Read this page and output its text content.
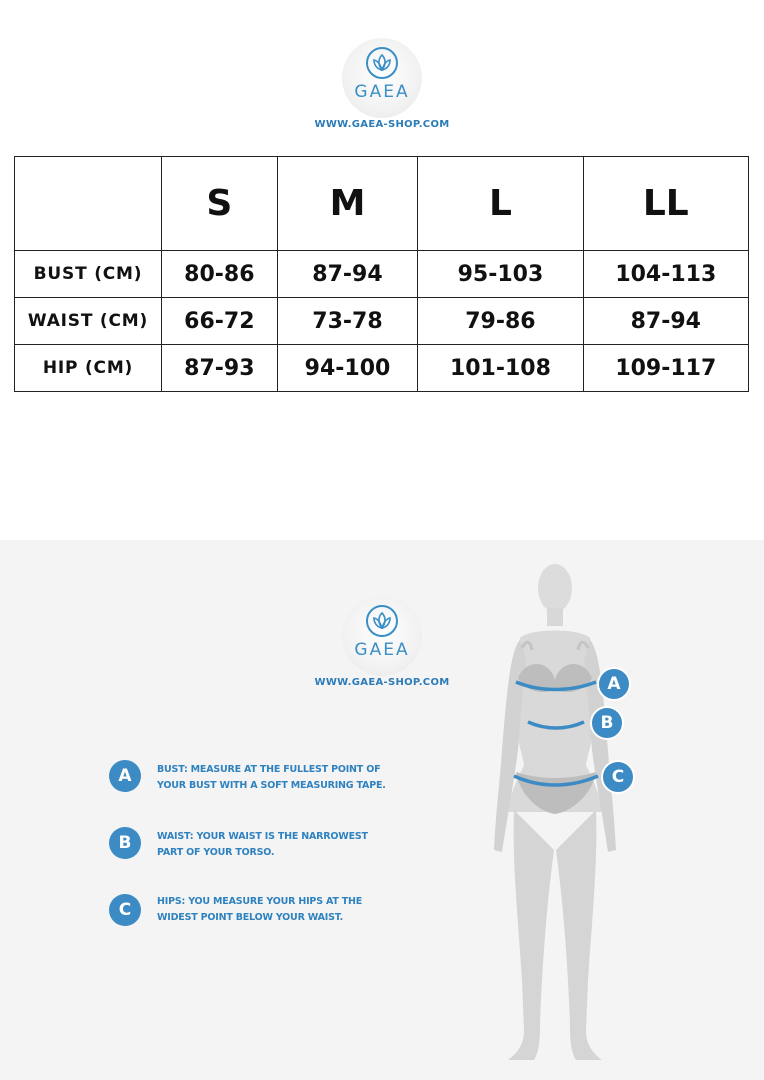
GAEA
WWW.GAEA-SHOP.COM
	S	M	L	LL
BUST (CM)	80-86	87-94	95-103	104-113
WAIST (CM)	66-72	73-78	79-86	87-94
HIP (CM)	87-93	94-100	101-108	109-117
GAEA
WWW.GAEA-SHOP.COM
A	BUST: MEASURE AT THE FULLEST POINT OF
YOUR BUST WITH A SOFT MEASURING TAPE.
B	WAIST: YOUR WAIST IS THE NARROWEST
PART OF YOUR TORSO.
C	HIPS: YOU MEASURE YOUR HIPS AT THE
WIDEST POINT BELOW YOUR WAIST.
A
B
C
